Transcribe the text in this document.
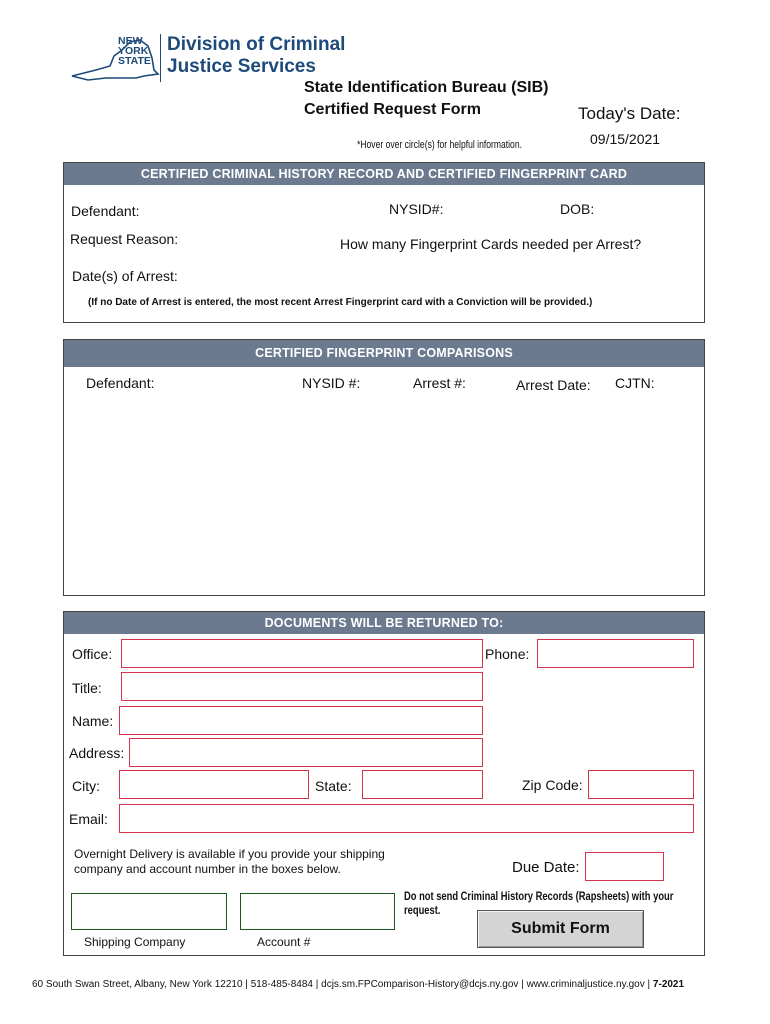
NEW
YORK
STATE
Division of Criminal
Justice Services
State Identification Bureau (SIB)
Certified Request Form	Today's Date:
*Hover over circle(s) for helpful information.	09/15/2021
CERTIFIED CRIMINAL HISTORY RECORD AND CERTIFIED FINGERPRINT CARD
Defendant:	NYSID#:	DOB:
Request Reason:	How many Fingerprint Cards needed per Arrest?
Date(s) of Arrest:
(If no Date of Arrest is entered, the most recent Arrest Fingerprint card with a Conviction will be provided.)
CERTIFIED FINGERPRINT COMPARISONS
Defendant:	NYSID #:	Arrest #:	Arrest Date: CJTN:
DOCUMENTS WILL BE RETURNED TO:
Office:	Phone:
Title:
Name:
Address:
City:	State:	Zip Code:
Email:
Overnight Delivery is available if you provide your shipping
company and account number in the boxes below.	Due Date:
Do not send Criminal History Records (Rapsheets) with your request.
Shipping Company	Account #
Submit Form
60 South Swan Street, Albany, New York 12210 | 518-485-8484 | dcjs.sm.FPComparison-History@dcjs.ny.gov | www.criminaljustice.ny.gov | 7-2021
